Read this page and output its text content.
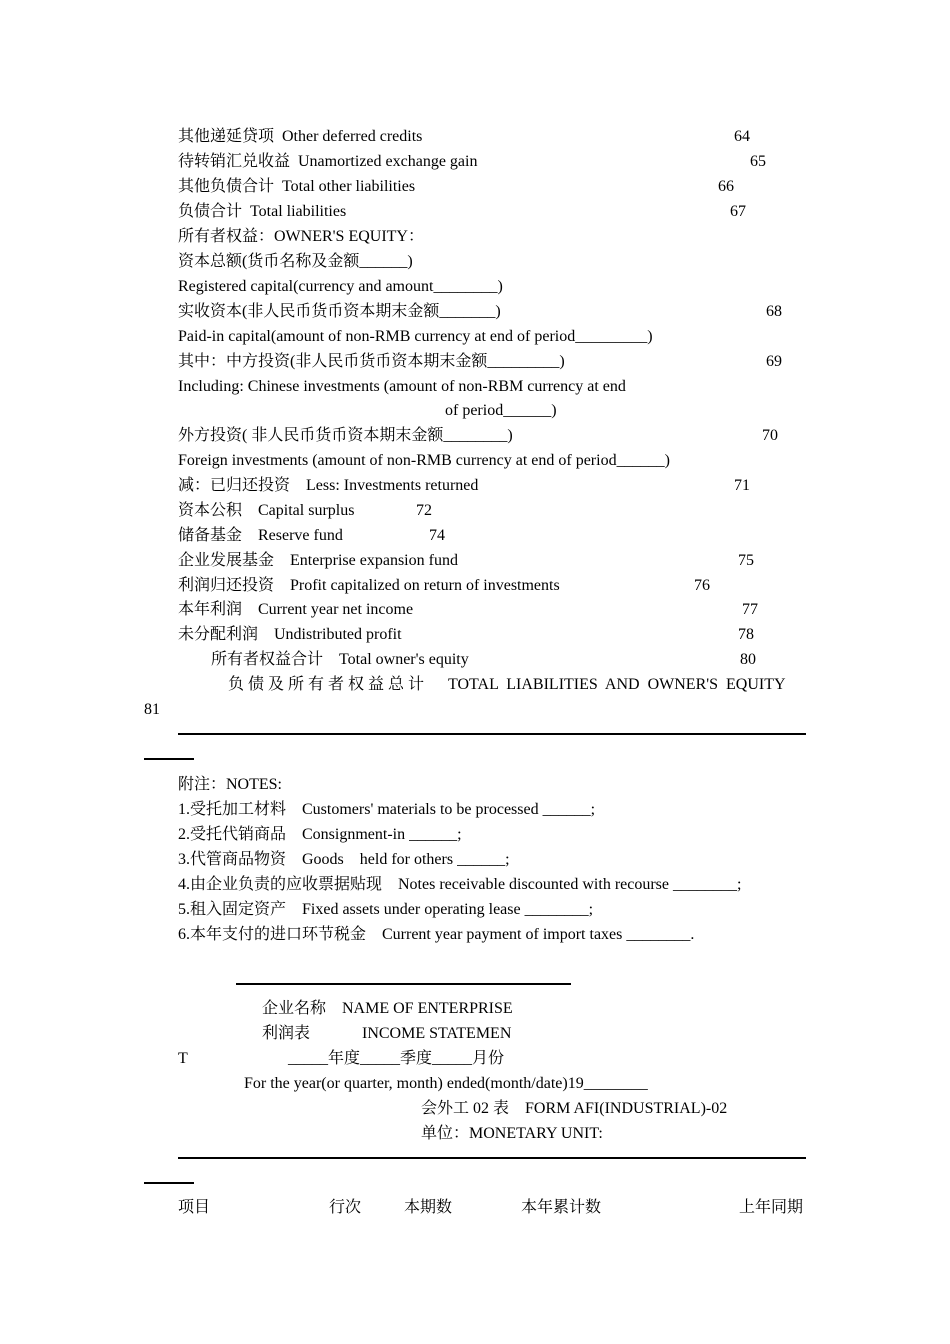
其他递延贷项  Other deferred credits	64
待转销汇兑收益  Unamortized exchange gain	65
其他负债合计  Total other liabilities	66
负债合计  Total liabilities	67
所有者权益：OWNER'S EQUITY：
资本总额(货币名称及金额______)
Registered capital(currency and amount________)
实收资本(非人民币货币资本期末金额_______)	68
Paid-in capital(amount of non-RMB currency at end of period_________)
其中：中方投资(非人民币货币资本期末金额_________)	69
Including: Chinese investments (amount of non-RBM currency at end
of period______)
外方投资( 非人民币货币资本期末金额________)	70
Foreign investments (amount of non-RMB currency at end of period______)
减：已归还投资    Less: Investments returned	71
资本公积    Capital surplus	72
储备基金    Reserve fund	74
企业发展基金    Enterprise expansion fund	75
利润归还投资    Profit capitalized on return of investments	76
本年利润    Current year net income	77
未分配利润    Undistributed profit	78
所有者权益合计    Total owner's equity	80
负 债 及 所 有 者 权 益 总 计      TOTAL  LIABILITIES  AND  OWNER'S  EQUITY
81
附注：NOTES:
1.受托加工材料    Customers' materials to be processed ______;
2.受托代销商品    Consignment-in ______;
3.代管商品物资    Goods    held for others ______;
4.由企业负责的应收票据贴现    Notes receivable discounted with recourse ________;
5.租入固定资产    Fixed assets under operating lease ________;
6.本年支付的进口环节税金    Current year payment of import taxes ________.
企业名称    NAME OF ENTERPRISE
利润表             INCOME STATEMEN
T	_____年度_____季度_____月份
For the year(or quarter, month) ended(month/date)19________
会外工 02 表    FORM AFI(INDUSTRIAL)-02
单位：MONETARY UNIT:
项目	行次	本期数	本年累计数	上年同期
